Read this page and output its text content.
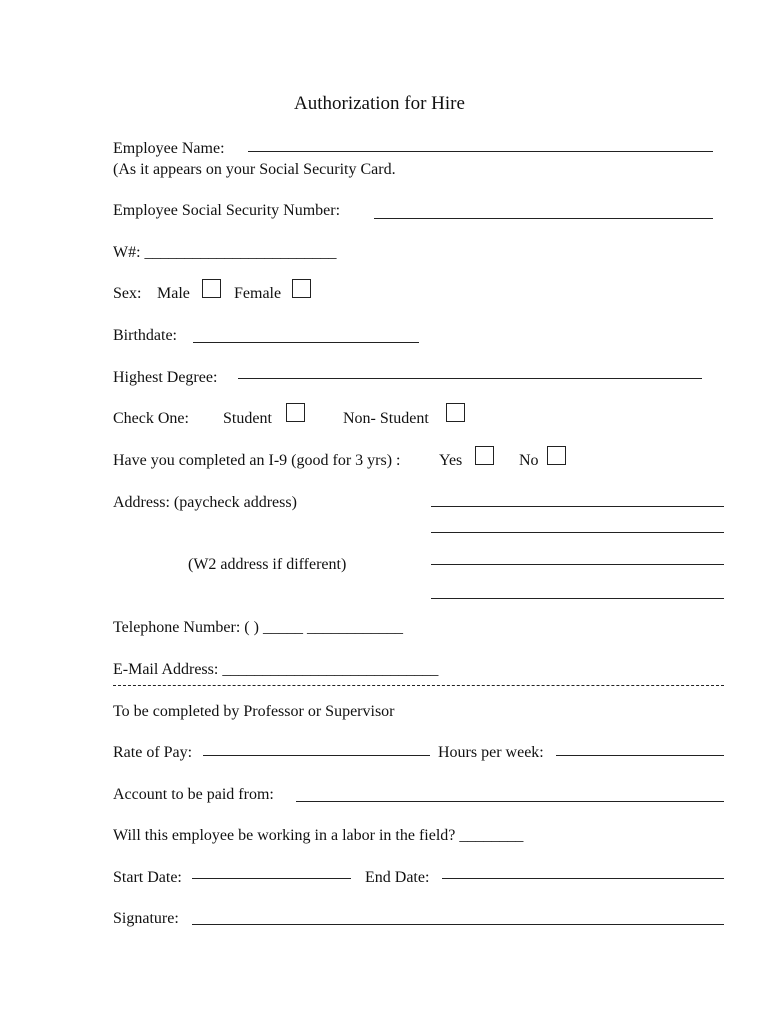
Authorization for Hire
Employee Name:
(As it appears on your Social Security Card.
Employee Social Security Number:
W#: ________________________
Sex: Male	Female
Birthdate:
Highest Degree:
Check One: Student	Non- Student
Have you completed an I-9 (good for 3 yrs) : Yes	No
Address: (paycheck address)
(W2 address if different)
Telephone Number: ( ) _____ ____________
E-Mail Address: ___________________________
To be completed by Professor or Supervisor
Rate of Pay:	Hours per week:
Account to be paid from:
Will this employee be working in a labor in the field? ________
Start Date:	End Date:
Signature:
